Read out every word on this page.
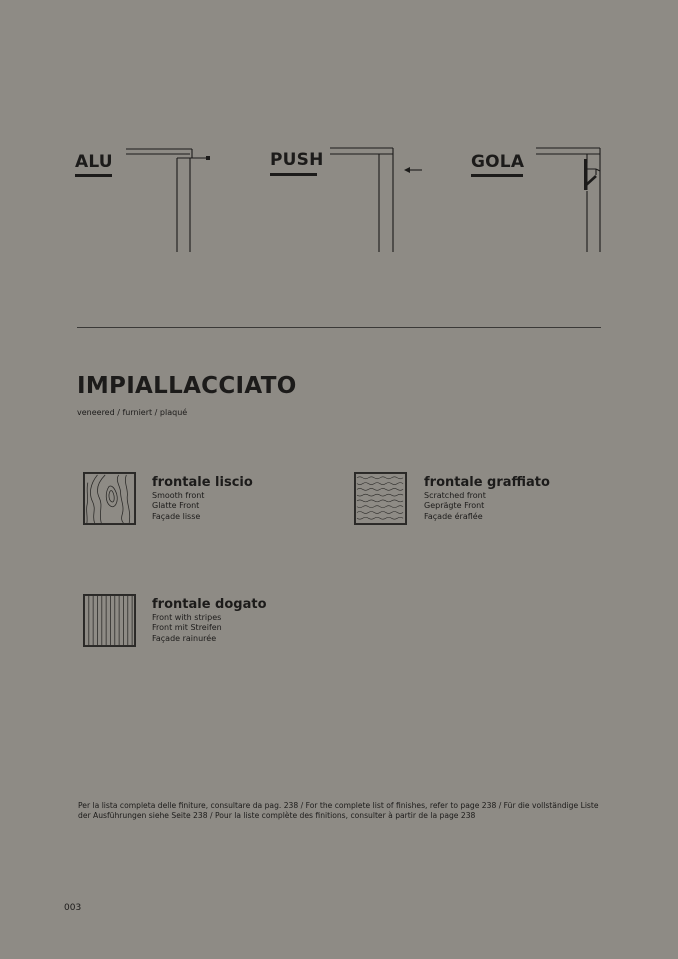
ALU	PUSH	GOLA
IMPIALLACCIATO
veneered / furniert / plaqué
frontale liscio
Smooth front
Glatte Front
Façade lisse
frontale graffiato
Scratched front
Geprägte Front
Façade éraflée
frontale dogato
Front with stripes
Front mit Streifen
Façade rainurée
Per la lista completa delle finiture, consultare da pag. 238 / For the complete list of finishes, refer to page 238 / Für die vollständige Liste der Ausführungen siehe Seite 238 / Pour la liste complète des finitions, consulter à partir de la page 238
003
